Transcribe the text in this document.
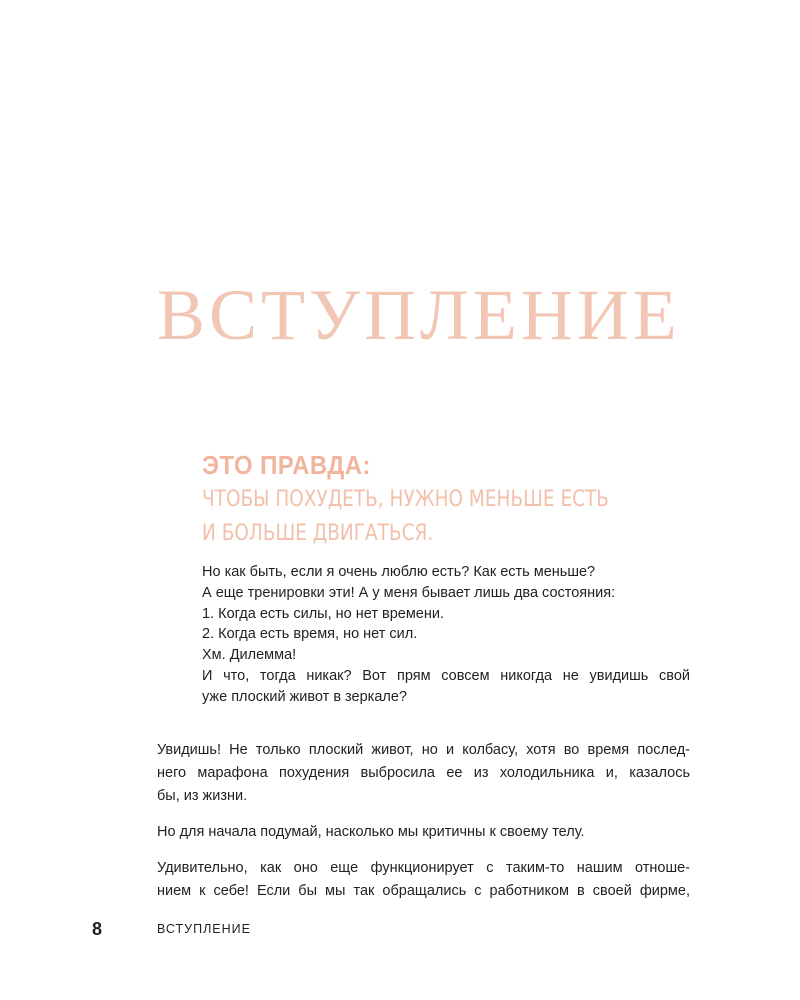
ВСТУПЛЕНИЕ
ЭТО ПРАВДА:
ЧТОБЫ ПОХУДЕТЬ, НУЖНО МЕНЬШЕ ЕСТЬ
И БОЛЬШЕ ДВИГАТЬСЯ.
Но как быть, если я очень люблю есть? Как есть меньше?
А еще тренировки эти! А у меня бывает лишь два состояния:
1. Когда есть силы, но нет времени.
2. Когда есть время, но нет сил.
Хм. Дилемма!
И что, тогда никак? Вот прям совсем никогда не увидишь свой
уже плоский живот в зеркале?
Увидишь! Не только плоский живот, но и колбасу, хотя во время послед-
него марафона похудения выбросила ее из холодильника и, казалось
бы, из жизни.
Но для начала подумай, насколько мы критичны к своему телу.
Удивительно, как оно еще функционирует с таким-то нашим отноше-
нием к себе! Если бы мы так обращались с работником в своей фирме,
8	ВСТУПЛЕНИЕ
